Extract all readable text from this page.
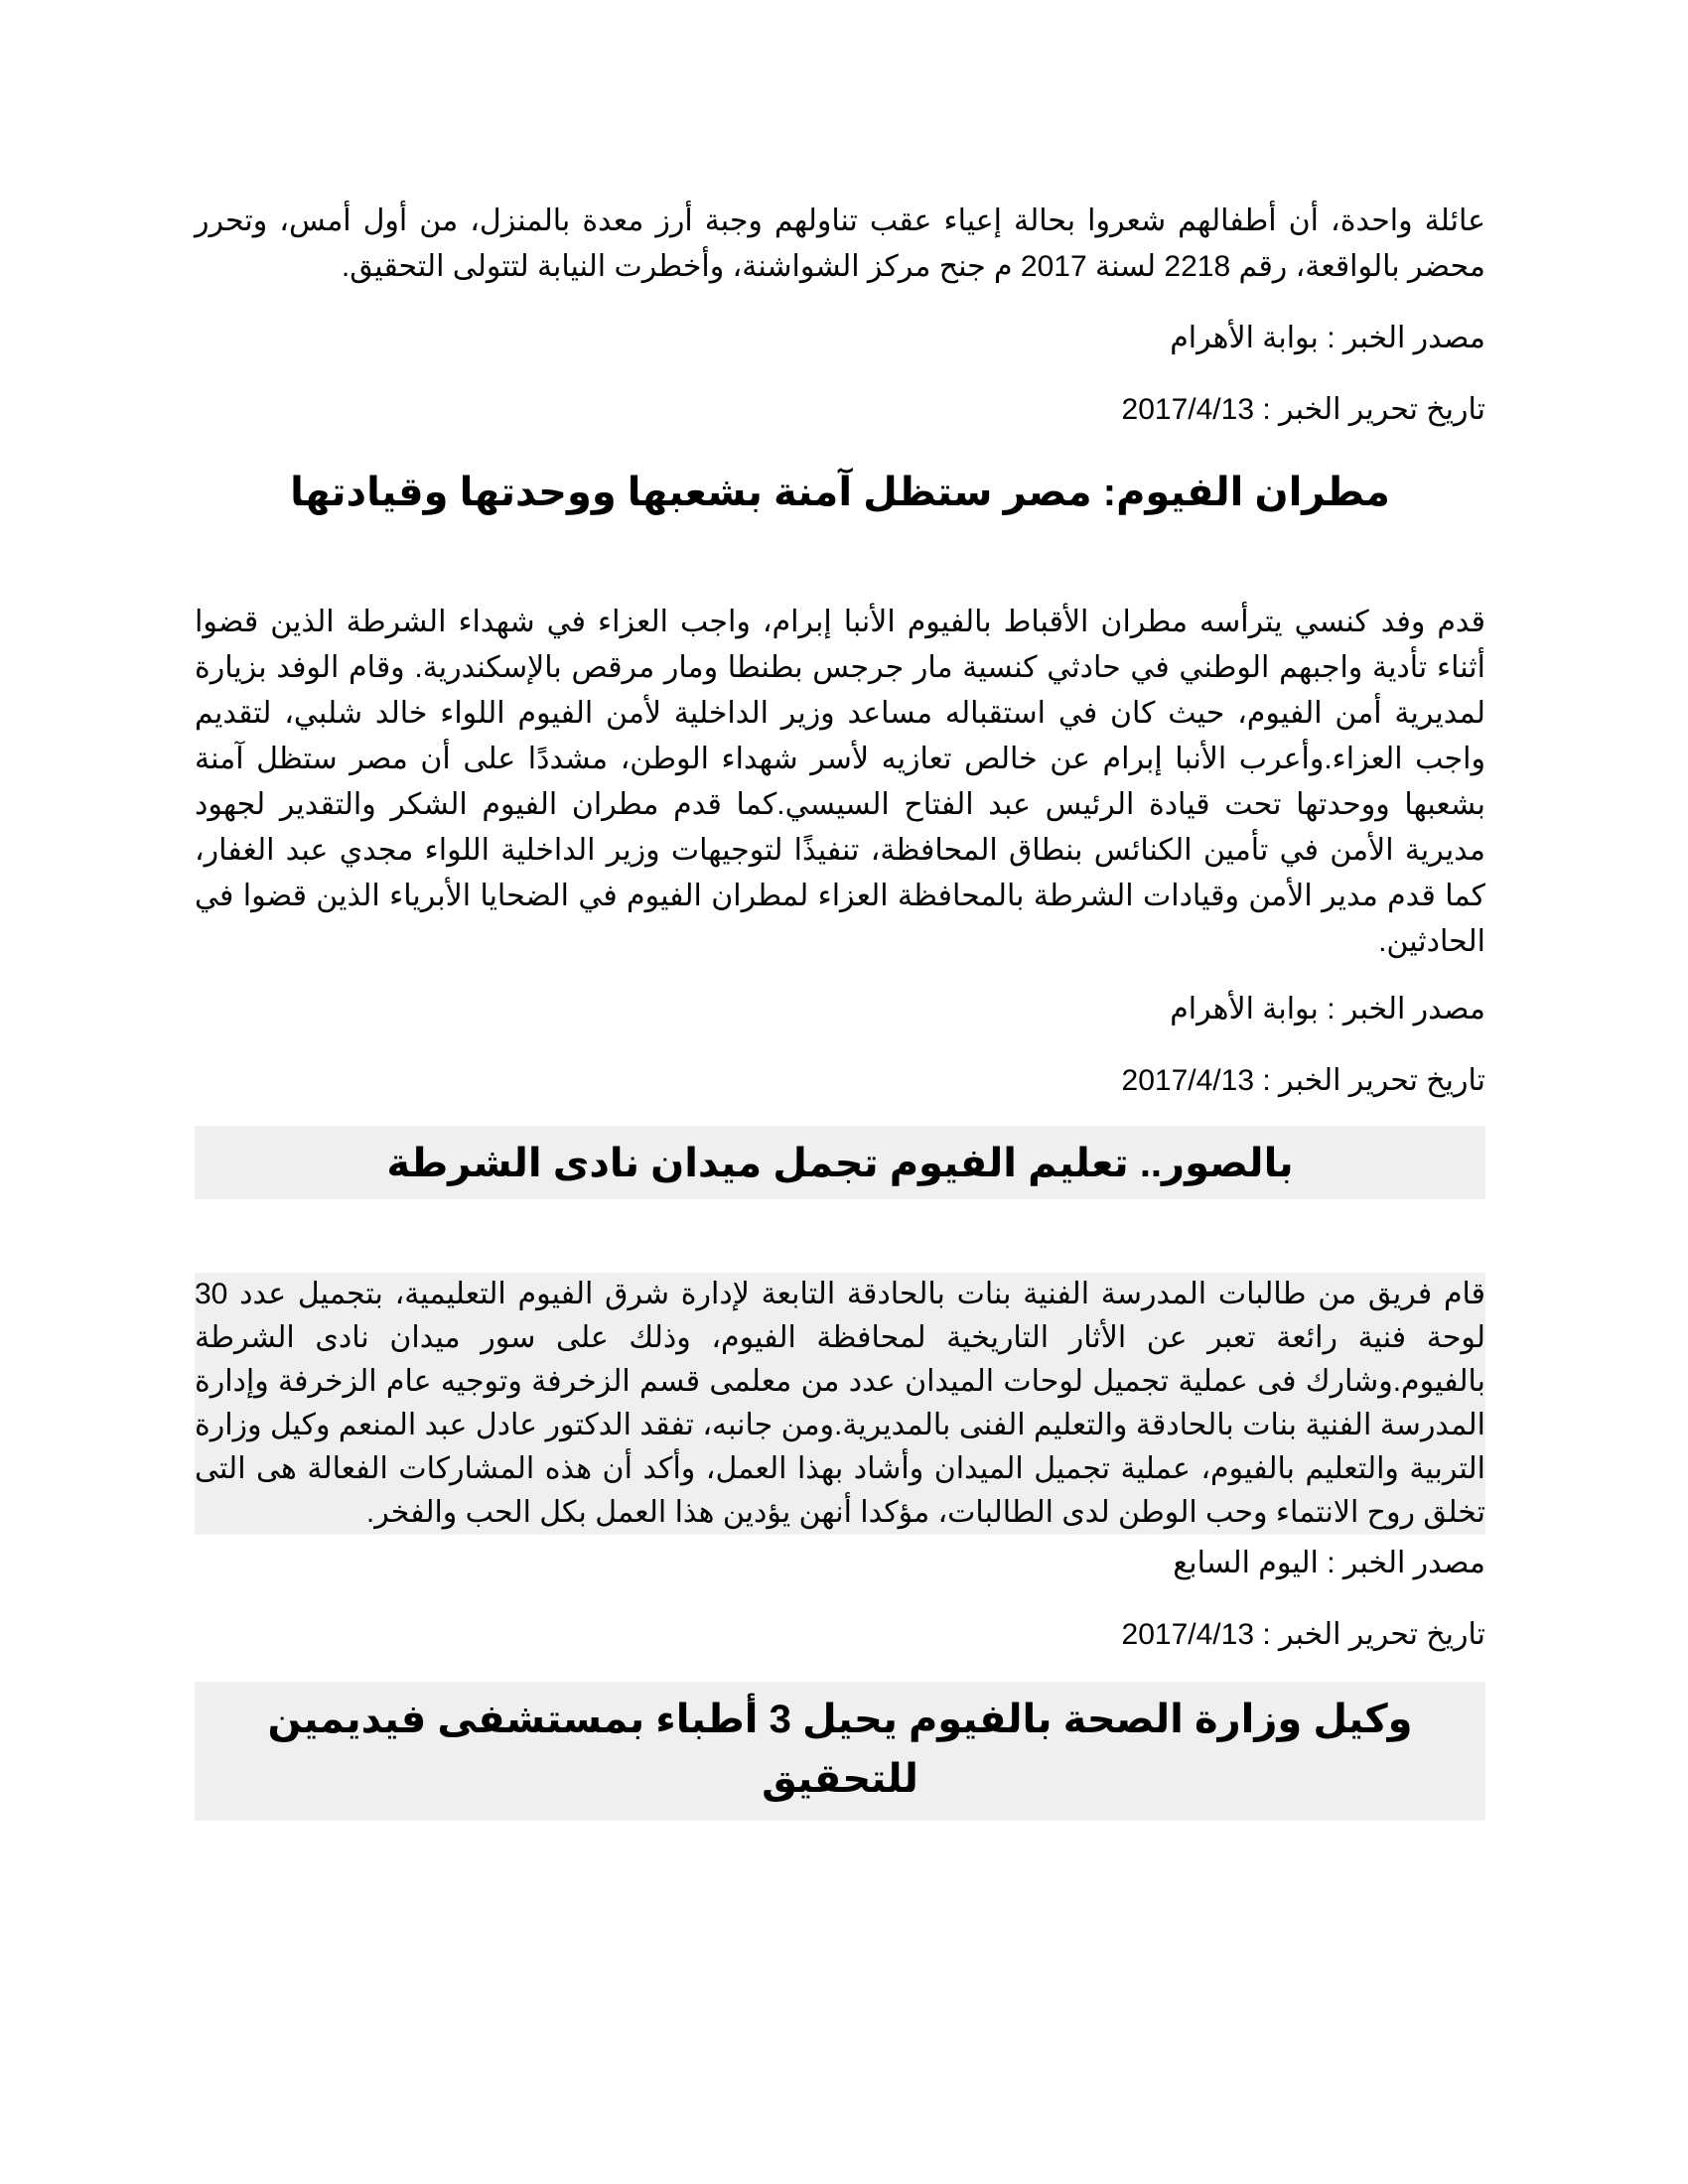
عائلة واحدة، أن أطفالهم شعروا بحالة إعياء عقب تناولهم وجبة أرز معدة بالمنزل، من أول أمس، وتحرر محضر بالواقعة، رقم 2218 لسنة 2017 م جنح مركز الشواشنة، وأخطرت النيابة لتتولى التحقيق.

مصدر الخبر : بوابة الأهرام

تاريخ تحرير الخبر : 2017/4/13

مطران الفيوم: مصر ستظل آمنة بشعبها ووحدتها وقيادتها

قدم وفد كنسي يترأسه مطران الأقباط بالفيوم الأنبا إبرام، واجب العزاء في شهداء الشرطة الذين قضوا أثناء تأدية واجبهم الوطني في حادثي كنسية مار جرجس بطنطا ومار مرقص بالإسكندرية. وقام الوفد بزيارة لمديرية أمن الفيوم، حيث كان في استقباله مساعد وزير الداخلية لأمن الفيوم اللواء خالد شلبي، لتقديم واجب العزاء.وأعرب الأنبا إبرام عن خالص تعازيه لأسر شهداء الوطن، مشددًا على أن مصر ستظل آمنة بشعبها ووحدتها تحت قيادة الرئيس عبد الفتاح السيسي.كما قدم مطران الفيوم الشكر والتقدير لجهود مديرية الأمن في تأمين الكنائس بنطاق المحافظة، تنفيذًا لتوجيهات وزير الداخلية اللواء مجدي عبد الغفار، كما قدم مدير الأمن وقيادات الشرطة بالمحافظة العزاء لمطران الفيوم في الضحايا الأبرياء الذين قضوا في الحادثين.

مصدر الخبر : بوابة الأهرام

تاريخ تحرير الخبر : 2017/4/13

بالصور.. تعليم الفيوم تجمل ميدان نادى الشرطة

قام فريق من طالبات المدرسة الفنية بنات بالحادقة التابعة لإدارة شرق الفيوم التعليمية، بتجميل عدد 30 لوحة فنية رائعة تعبر عن الأثار التاريخية لمحافظة الفيوم، وذلك على سور ميدان نادى الشرطة بالفيوم.وشارك فى عملية تجميل لوحات الميدان عدد من معلمى قسم الزخرفة وتوجيه عام الزخرفة وإدارة المدرسة الفنية بنات بالحادقة والتعليم الفنى بالمديرية.ومن جانبه، تفقد الدكتور عادل عبد المنعم وكيل وزارة التربية والتعليم بالفيوم، عملية تجميل الميدان وأشاد بهذا العمل، وأكد أن هذه المشاركات الفعالة هى التى تخلق روح الانتماء وحب الوطن لدى الطالبات، مؤكدا أنهن يؤدين هذا العمل بكل الحب والفخر.

مصدر الخبر : اليوم السابع

تاريخ تحرير الخبر : 2017/4/13

وكيل وزارة الصحة بالفيوم يحيل 3 أطباء بمستشفى فيديمين للتحقيق
